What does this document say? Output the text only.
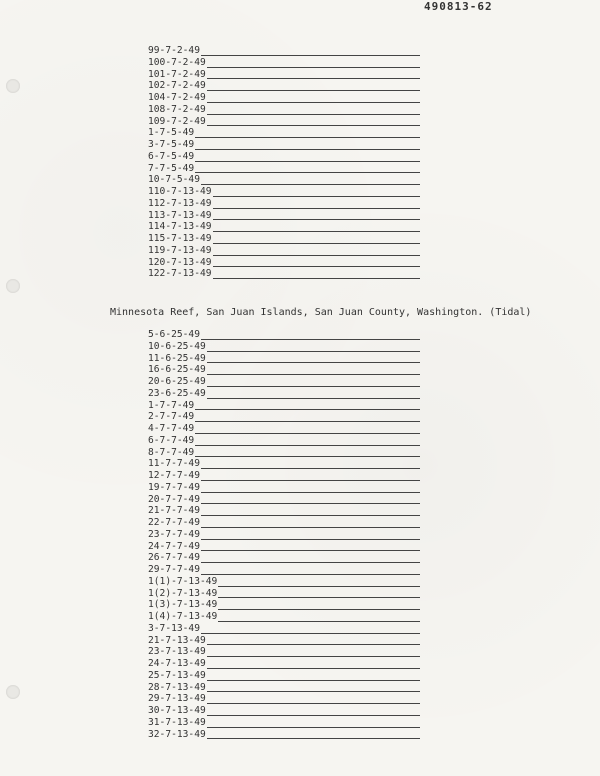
490813-62
99-7-2-49
100-7-2-49
101-7-2-49
102-7-2-49
104-7-2-49
108-7-2-49
109-7-2-49
1-7-5-49
3-7-5-49
6-7-5-49
7-7-5-49
10-7-5-49
110-7-13-49
112-7-13-49
113-7-13-49
114-7-13-49
115-7-13-49
119-7-13-49
120-7-13-49
122-7-13-49
Minnesota Reef, San Juan Islands, San Juan County, Washington. (Tidal)
5-6-25-49
10-6-25-49
11-6-25-49
16-6-25-49
20-6-25-49
23-6-25-49
1-7-7-49
2-7-7-49
4-7-7-49
6-7-7-49
8-7-7-49
11-7-7-49
12-7-7-49
19-7-7-49
20-7-7-49
21-7-7-49
22-7-7-49
23-7-7-49
24-7-7-49
26-7-7-49
29-7-7-49
1(1)-7-13-49
1(2)-7-13-49
1(3)-7-13-49
1(4)-7-13-49
3-7-13-49
21-7-13-49
23-7-13-49
24-7-13-49
25-7-13-49
28-7-13-49
29-7-13-49
30-7-13-49
31-7-13-49
32-7-13-49
